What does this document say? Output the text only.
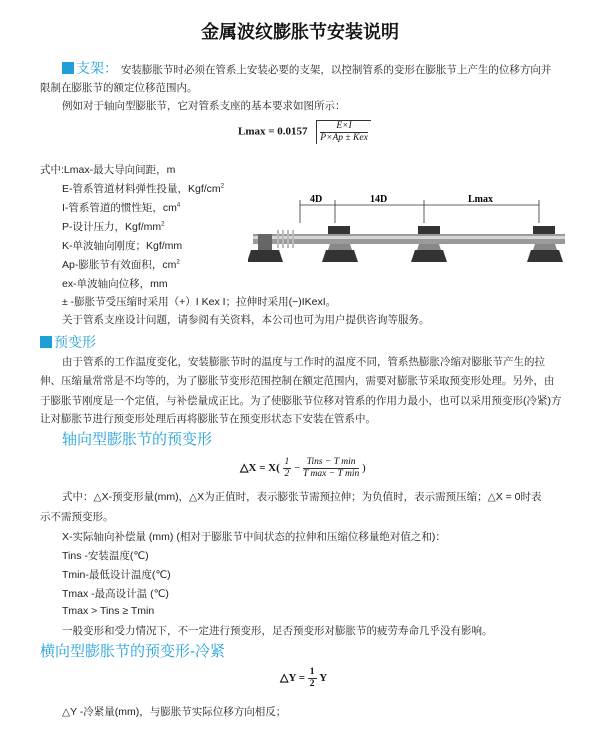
金属波纹膨胀节安装说明
支架： 安装膨胀节时必须在管系上安装必要的支架，以控制管系的变形在膨胀节上产生的位移方向并
限制在膨胀节的额定位移范围内。
例如对于轴向型膨胀节，它对管系支座的基本要求如图所示：
$Lmax = 0.0157 \frac{E\times I}{\text{P×Ap ± Kex}}$
式中:Lmax-最大导向间距，m
E-管系管道材料弹性投量，Kgf/$cm^2$
I-管系管道的惯性矩，$cm^4$
P-设计压力，Kgf/$mm^2$
K-单波轴向刚度；Kgf/mm
Ap-膨胀节有效面积，$cm^2$
ex-单波轴向位移，mm
± -膨胀节受压缩时采用（+）I Kex I；拉伸时采用(−)IKexI。
关于管系支座设计问题，请参阅有关资料，本公司也可为用户提供咨询等服务。
4D	14D	Lmax
预变形
由于管系的工作温度变化，安装膨胀节时的温度与工作时的温度不同，管系热膨胀冷缩对膨胀节产生的拉
伸、压缩量常常是不均等的，为了膨胀节变形范围控制在额定范围内，需要对膨胀节采取预变形处理。另外，由
于膨胀节刚度是一个定值，与补偿量成正比。为了使膨胀节位移对管系的作用力最小，也可以采用预变形(冷紧)方
让对膨胀节进行预变形处理后再将膨胀节在预变形状态下安装在管系中。
轴向型膨胀节的预变形
△X = $X( \frac{1}{2} - \frac{\text{Tins − T min}}{\text{T max − T min}}$ )
式中：△X-预变形量(mm)，△X为正值时，表示膨张节需预拉伸；为负值时，表示需预压缩；△X = 0时表
示不需预变形。
X-实际轴向补偿量 (mm) (相对于膨胀节中间状态的拉伸和压缩位移量绝对值之和)：
Tins -安装温度(℃)
Tmin-最低设计温度(℃)
Tmax -最高设计温 (℃)
Tmax > Tins ≥ Tmin
一般变形和受力情况下，不一定进行预变形，足否预变形对膨胀节的疲劳寿命几乎没有影响。
横向型膨胀节的预变形-冷紧
△Y = $\frac{1}{2}$ Y
△Y -冷紧量(mm)，与膨胀节实际位移方向相反；
